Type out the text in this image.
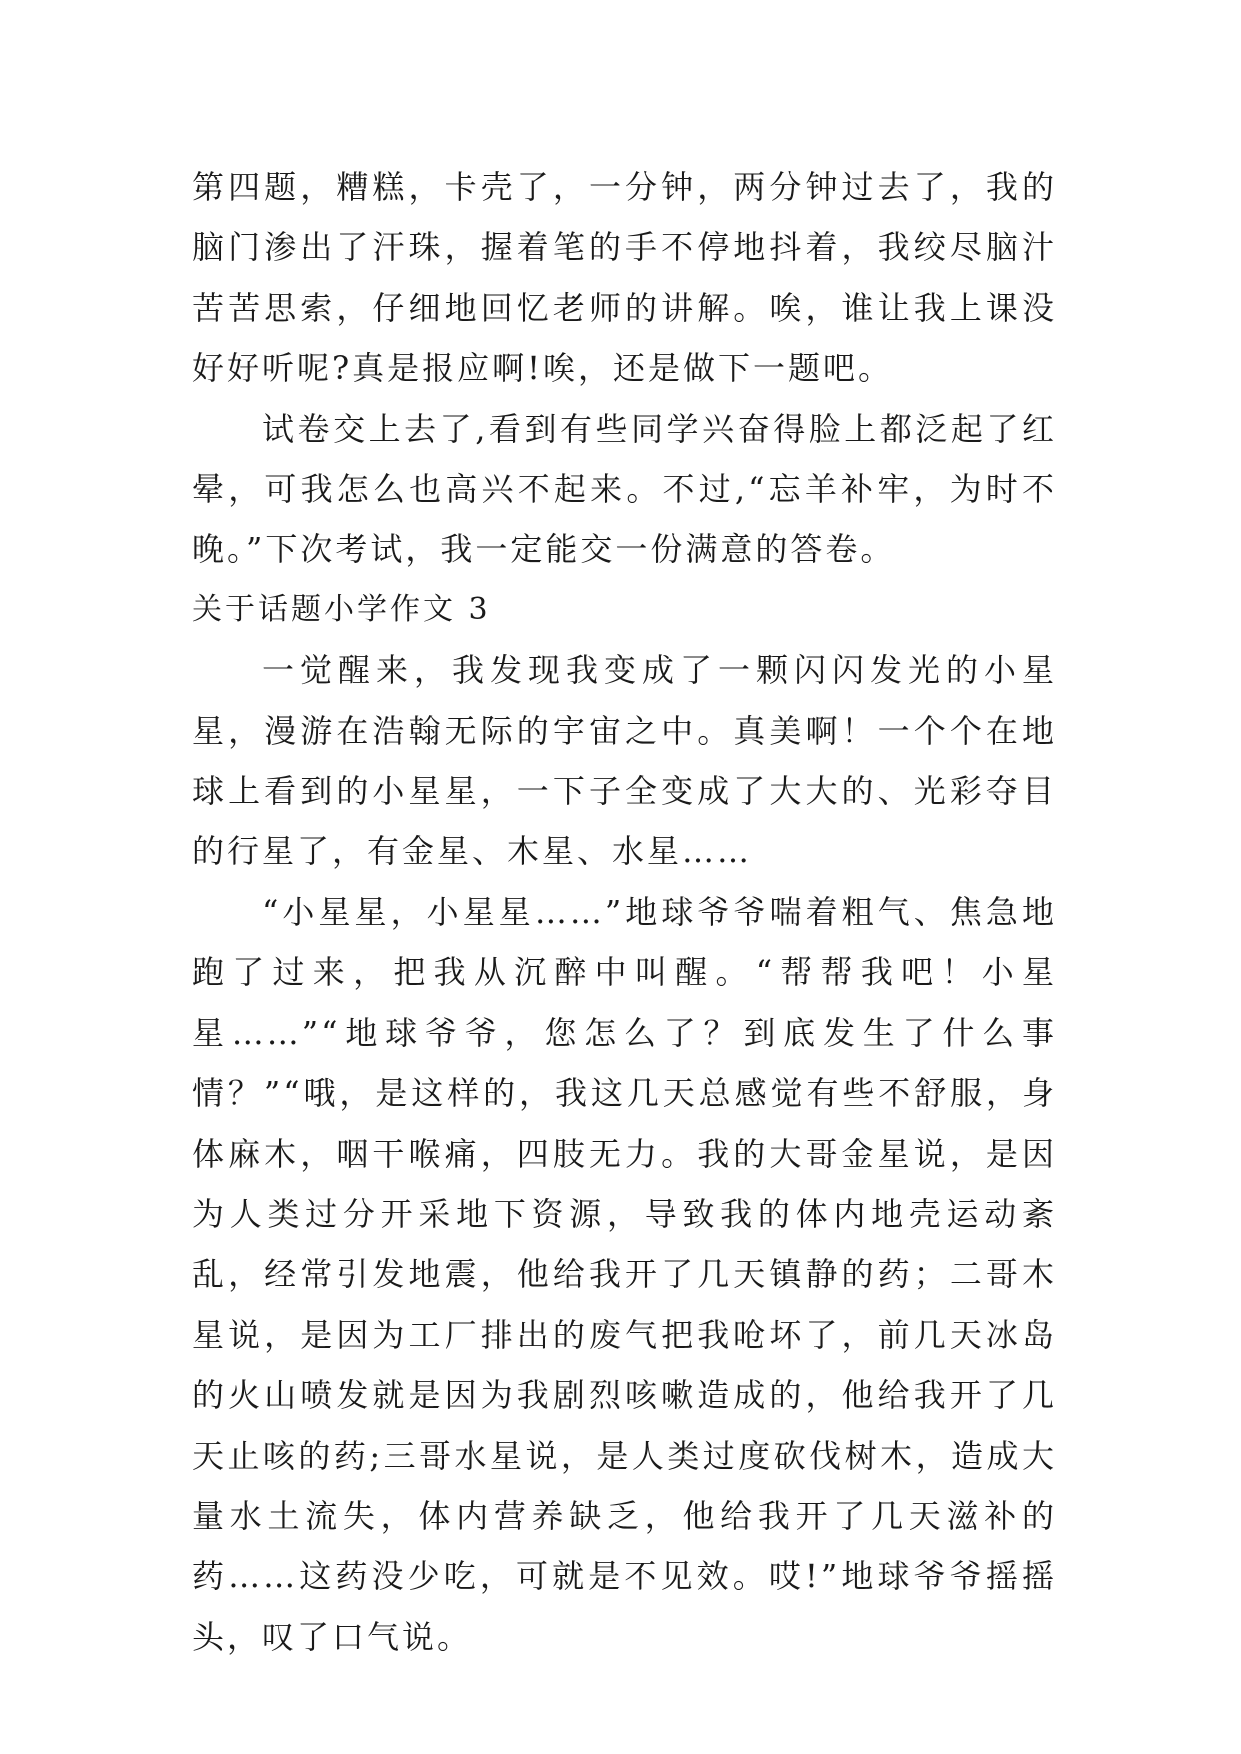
第四题，糟糕，卡壳了，一分钟，两分钟过去了，我的脑门渗出了汗珠，握着笔的手不停地抖着，我绞尽脑汁苦苦思索，仔细地回忆老师的讲解。唉，谁让我上课没好好听呢?真是报应啊!唉，还是做下一题吧。

试卷交上去了,看到有些同学兴奋得脸上都泛起了红晕，可我怎么也高兴不起来。不过,“忘羊补牢，为时不晚。”下次考试，我一定能交一份满意的答卷。

关于话题小学作文 3

一觉醒来，我发现我变成了一颗闪闪发光的小星星，漫游在浩翰无际的宇宙之中。真美啊！一个个在地球上看到的小星星，一下子全变成了大大的、光彩夺目的行星了，有金星、木星、水星……

“小星星，小星星……”地球爷爷喘着粗气、焦急地跑了过来，把我从沉醉中叫醒。“帮帮我吧！小星星……”“地球爷爷，您怎么了？到底发生了什么事情？”“哦，是这样的，我这几天总感觉有些不舒服，身体麻木，咽干喉痛，四肢无力。我的大哥金星说，是因为人类过分开采地下资源，导致我的体内地壳运动紊乱，经常引发地震，他给我开了几天镇静的药；二哥木星说，是因为工厂排出的废气把我呛坏了，前几天冰岛的火山喷发就是因为我剧烈咳嗽造成的，他给我开了几天止咳的药;三哥水星说，是人类过度砍伐树木，造成大量水土流失，体内营养缺乏，他给我开了几天滋补的药……这药没少吃，可就是不见效。哎!”地球爷爷摇摇头，叹了口气说。
